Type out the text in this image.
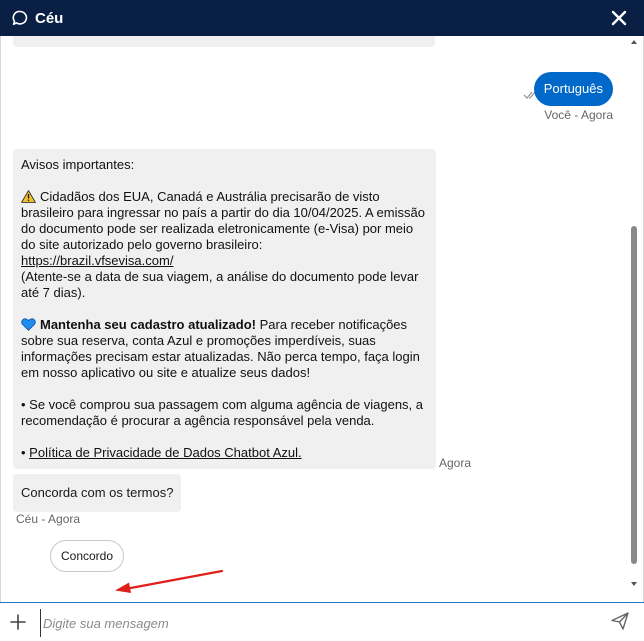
Céu
Português
Você - Agora

Avisos importantes:

Cidadãos dos EUA, Canadá e Austrália precisarão de visto brasileiro para ingressar no país a partir do dia 10/04/2025. A emissão do documento pode ser realizada eletronicamente (e-Visa) por meio do site autorizado pelo governo brasileiro:

https://brazil.vfsevisa.com/

(Atente-se a data de sua viagem, a análise do documento pode levar até 7 dias).

Mantenha seu cadastro atualizado! Para receber notificações sobre sua reserva, conta Azul e promoções imperdíveis, suas informações precisam estar atualizadas. Não perca tempo, faça login em nosso aplicativo ou site e atualize seus dados!

• Se você comprou sua passagem com alguma agência de viagens, a recomendação é procurar a agência responsável pela venda.

• Política de Privacidade de Dados Chatbot Azul.

Agora
Concorda com os termos?
Céu - Agora
Concordo
Digite sua mensagem
